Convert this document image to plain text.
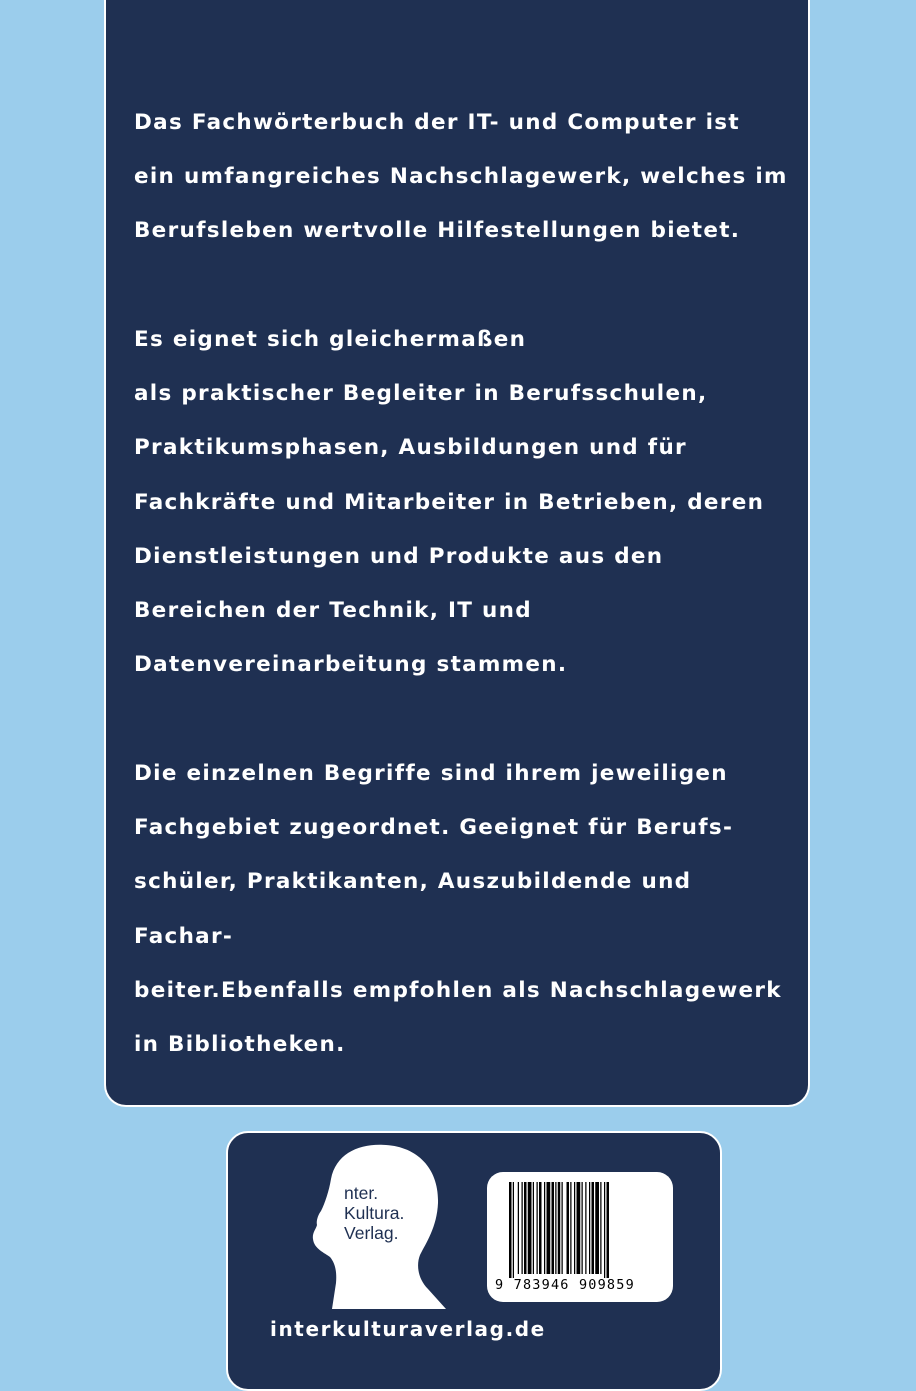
Das Fachwörterbuch der IT- und Computer ist
ein umfangreiches Nachschlagewerk, welches im
Berufsleben wertvolle Hilfestellungen bietet.

Es eignet sich gleichermaßen
als praktischer Begleiter in Berufsschulen,
Praktikumsphasen, Ausbildungen und für
Fachkräfte und Mitarbeiter in Betrieben, deren
Dienstleistungen und Produkte aus den
Bereichen der Technik, IT und
Datenvereinarbeitung stammen.

Die einzelnen Begriffe sind ihrem jeweiligen
Fachgebiet zugeordnet. Geeignet für Berufs-
schüler, Praktikanten, Auszubildende und Fachar-
beiter.Ebenfalls empfohlen als Nachschlagewerk
in Bibliotheken.

nter.
Kultura.
Verlag.
9 783946 909859

interkulturaverlag.de
